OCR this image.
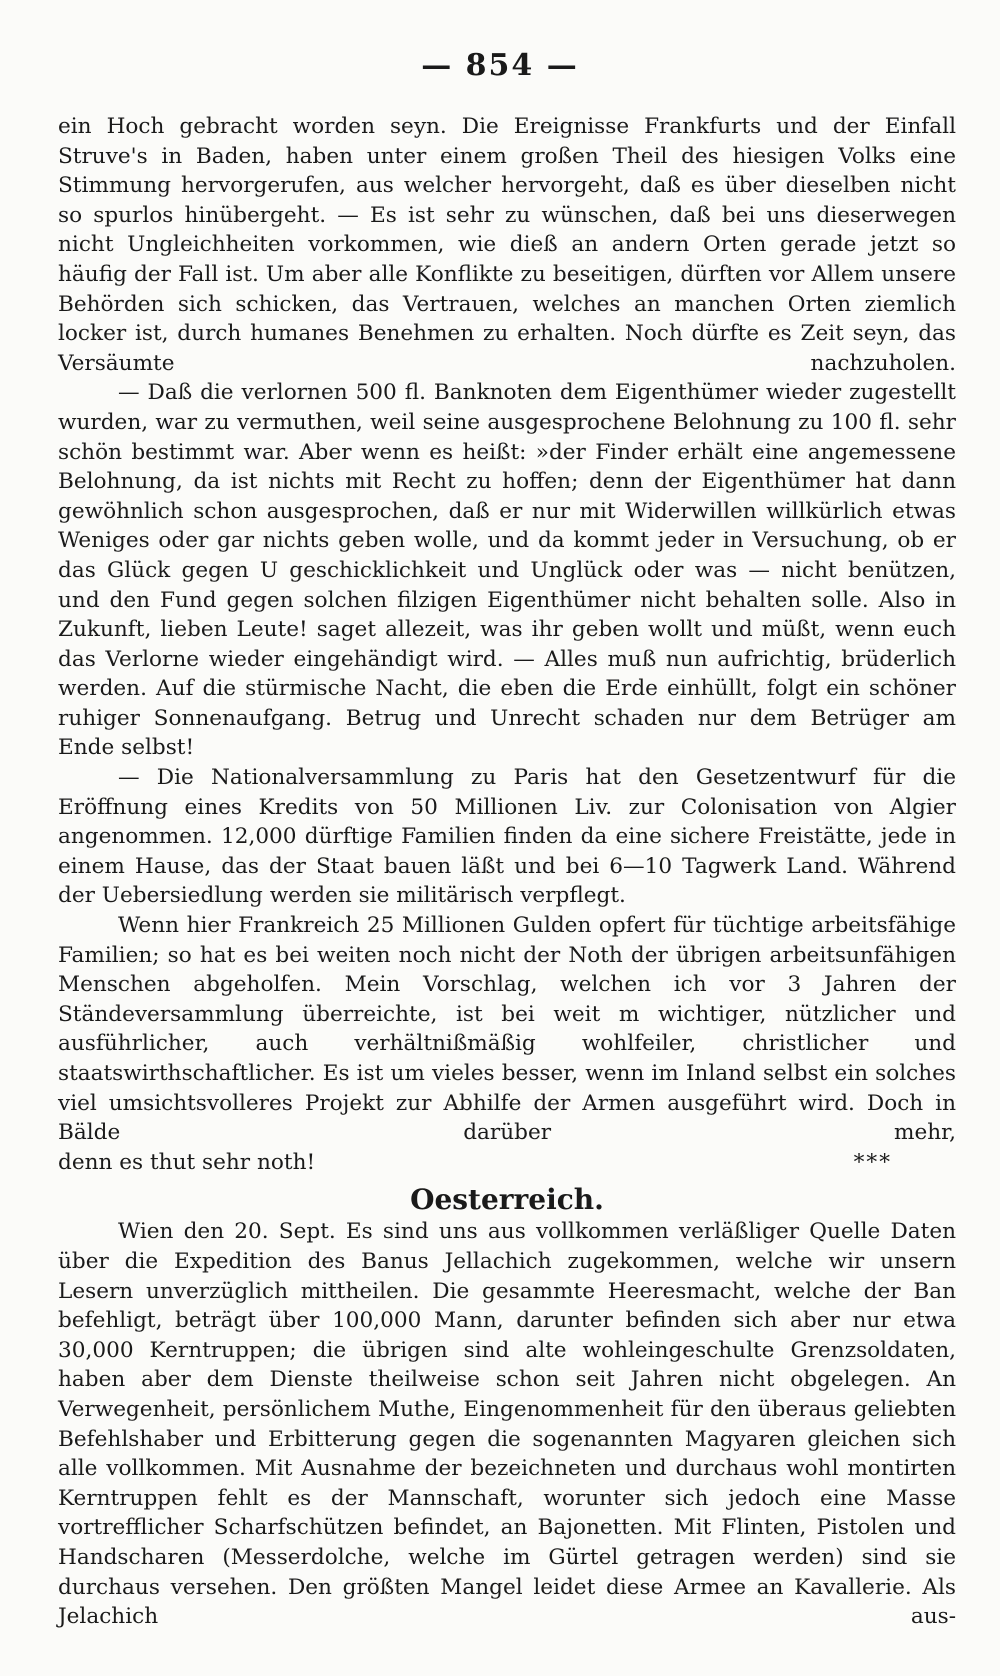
— 854 —

ein Hoch gebracht worden seyn. Die Ereignisse Frankfurts und der Einfall Struve's in Baden, haben unter einem großen Theil des hiesigen Volks eine Stimmung hervorgerufen, aus welcher hervorgeht, daß es über dieselben nicht so spurlos hinübergeht. — Es ist sehr zu wünschen, daß bei uns dieserwegen nicht Ungleichheiten vorkommen, wie dieß an andern Orten gerade jetzt so häufig der Fall ist. Um aber alle Konflikte zu beseitigen, dürften vor Allem unsere Behörden sich schicken, das Vertrauen, welches an manchen Orten ziemlich locker ist, durch humanes Benehmen zu erhalten. Noch dürfte es Zeit seyn, das Versäumte nachzuholen.

— Daß die verlornen 500 fl. Banknoten dem Eigenthümer wieder zugestellt wurden, war zu vermuthen, weil seine ausgesprochene Belohnung zu 100 fl. sehr schön bestimmt war. Aber wenn es heißt: »der Finder erhält eine angemessene Belohnung, da ist nichts mit Recht zu hoffen; denn der Eigenthümer hat dann gewöhnlich schon ausgesprochen, daß er nur mit Widerwillen willkürlich etwas Weniges oder gar nichts geben wolle, und da kommt jeder in Versuchung, ob er das Glück gegen U geschicklichkeit und Unglück oder was — nicht benützen, und den Fund gegen solchen filzigen Eigenthümer nicht behalten solle. Also in Zukunft, lieben Leute! saget allezeit, was ihr geben wollt und müßt, wenn euch das Verlorne wieder eingehändigt wird. — Alles muß nun aufrichtig, brüderlich werden. Auf die stürmische Nacht, die eben die Erde einhüllt, folgt ein schöner ruhiger Sonnenaufgang. Betrug und Unrecht schaden nur dem Betrüger am Ende selbst!

— Die Nationalversammlung zu Paris hat den Gesetzentwurf für die Eröffnung eines Kredits von 50 Millionen Liv. zur Colonisation von Algier angenommen. 12,000 dürftige Familien finden da eine sichere Freistätte, jede in einem Hause, das der Staat bauen läßt und bei 6—10 Tagwerk Land. Während der Uebersiedlung werden sie militärisch verpflegt.

Wenn hier Frankreich 25 Millionen Gulden opfert für tüchtige arbeitsfähige Familien; so hat es bei weiten noch nicht der Noth der übrigen arbeitsunfähigen Menschen abgeholfen. Mein Vorschlag, welchen ich vor 3 Jahren der Ständeversammlung überreichte, ist bei weit m wichtiger, nützlicher und ausführlicher, auch verhältnißmäßig wohlfeiler, christlicher und staatswirthschaftlicher. Es ist um vieles besser, wenn im Inland selbst ein solches viel umsichtsvolleres Projekt zur Abhilfe der Armen ausgeführt wird. Doch in Bälde darüber mehr,

denn es thut sehr noth!	***
Oesterreich.

Wien den 20. Sept. Es sind uns aus vollkommen verläßliger Quelle Daten über die Expedition des Banus Jellachich zugekommen, welche wir unsern Lesern unverzüglich mittheilen. Die gesammte Heeresmacht, welche der Ban befehligt, beträgt über 100,000 Mann, darunter befinden sich aber nur etwa 30,000 Kerntruppen; die übrigen sind alte wohleingeschulte Grenzsoldaten, haben aber dem Dienste theilweise schon seit Jahren nicht obgelegen. An Verwegenheit, persönlichem Muthe, Eingenommenheit für den überaus geliebten Befehlshaber und Erbitterung gegen die sogenannten Magyaren gleichen sich alle vollkommen. Mit Ausnahme der bezeichneten und durchaus wohl montirten Kerntruppen fehlt es der Mannschaft, worunter sich jedoch eine Masse vortrefflicher Scharfschützen befindet, an Bajonetten. Mit Flinten, Pistolen und Handscharen (Messerdolche, welche im Gürtel getragen werden) sind sie durchaus versehen. Den größten Mangel leidet diese Armee an Kavallerie. Als Jelachich aus-
